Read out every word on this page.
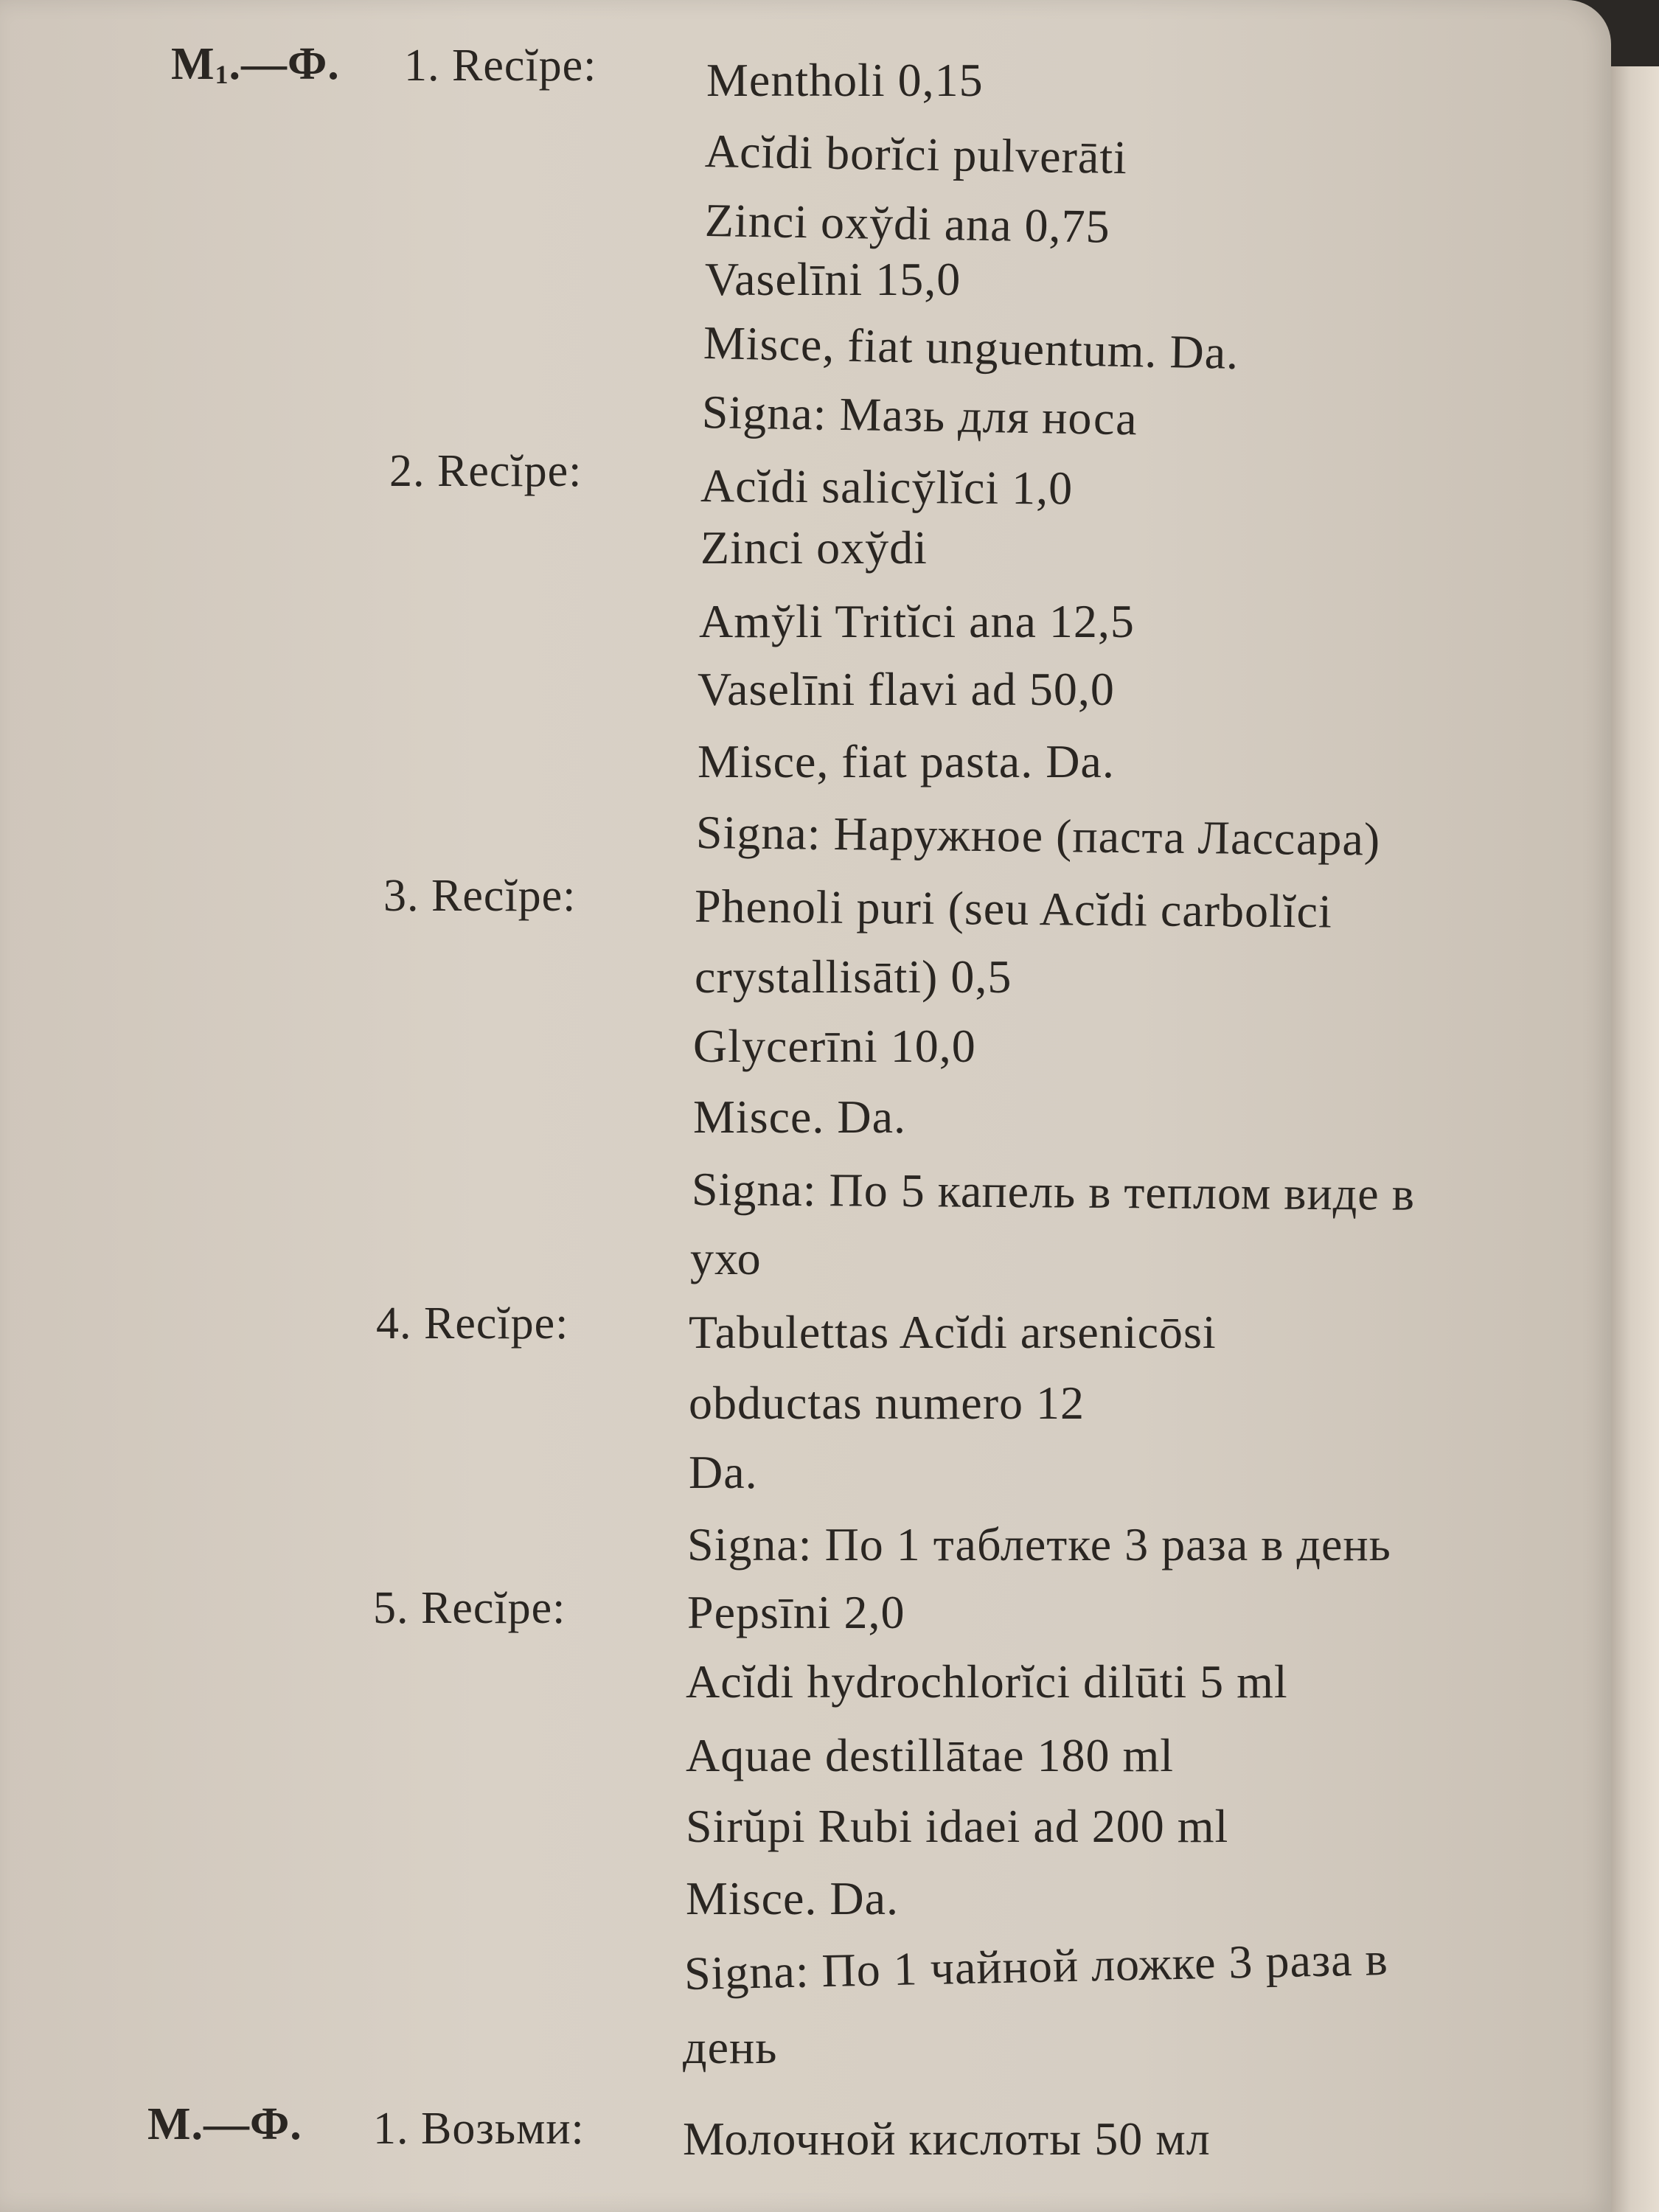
$М_1.—Ф$. 1. Recĭpe: Mentholi 0,15
Acĭdi borĭci pulverāti
Zinci oxy̆di ana 0,75
Vaselīni 15,0
Misce, fiat unguentum. Da.
Signa: Мазь для носа
2. Recĭpe:	Acĭdi salicy̆lĭci 1,0
Zinci oxy̆di
Amy̆li Tritĭci ana 12,5
Vaselīni flavi ad 50,0
Misce, fiat pasta. Da.
Signa: Наружное (паста Лассара)
3. Recĭpe:	Phenoli puri (seu Acĭdi carbolĭci
crystallisāti) 0,5
Glycerīni 10,0
Misce. Da.
Signa: По 5 капель в теплом виде в
ухо
4. Recĭpe:	Tabulettas Acĭdi arsenicōsi
obductas numero 12
Da.
Signa: По 1 таблетке 3 раза в день
5. Recĭpe:	Pepsīni 2,0
Acĭdi hydrochlorĭci dilūti 5 ml
Aquae destillātae 180 ml
Sirŭpi Rubi idaei ad 200 ml
Misce. Da.
Signa: По 1 чайной ложке 3 раза в
день
М.—Ф. 1. Возьми: Молочной кислоты 50 мл
